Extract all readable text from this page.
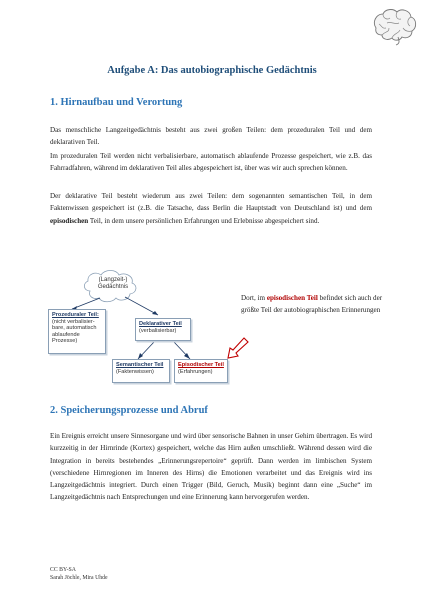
Aufgabe A: Das autobiographische Gedächtnis
1. Hirnaufbau und Verortung

Das menschliche Langzeitgedächtnis besteht aus zwei großen Teilen: dem prozeduralen Teil und dem deklarativen Teil.

Im prozeduralen Teil werden nicht verbalisierbare, automatisch ablaufende Prozesse gespeichert, wie z.B. das Fahrradfahren, während im deklarativen Teil alles abgespeichert ist, über was wir auch sprechen können.

Der deklarative Teil besteht wiederum aus zwei Teilen: dem sogenannten semantischen Teil, in dem Faktenwissen gespeichert ist (z.B. die Tatsache, dass Berlin die Hauptstadt von Deutschland ist) und dem episodischen Teil, in dem unsere persönlichen Erfahrungen und Erlebnisse abgespeichert sind.

(Langzeit-) Gedächtnis
Prozeduraler Teil:
(nicht verbalisier-bare, automatisch ablaufende Prozesse)
Deklarativer Teil
(verbalisierbar)
Semantischer Teil
(Faktenwissen)
Episodischer Teil
(Erfahrungen)
Dort, im episodischen Teil befindet sich auch der größte Teil der autobiographischen Erinnerungen
2. Speicherungsprozesse und Abruf

Ein Ereignis erreicht unsere Sinnesorgane und wird über sensorische Bahnen in unser Gehirn übertragen. Es wird kurzzeitig in der Hirnrinde (Kortex) gespeichert, welche das Hirn außen umschließt. Während dessen wird die Integration in bereits bestehendes „Erinnerungsrepertoire“ geprüft. Dann werden im limbischen System (verschiedene Hirnregionen im Inneren des Hirns) die Emotionen verarbeitet und das Ereignis wird ins Langzeitgedächtnis integriert. Durch einen Trigger (Bild, Geruch, Musik) beginnt dann eine „Suche“ im Langzeitgedächtnis nach Entsprechungen und eine Erinnerung kann hervorgerufen werden.

CC BY-SA
Sarah Jöchle, Mira Uhde
